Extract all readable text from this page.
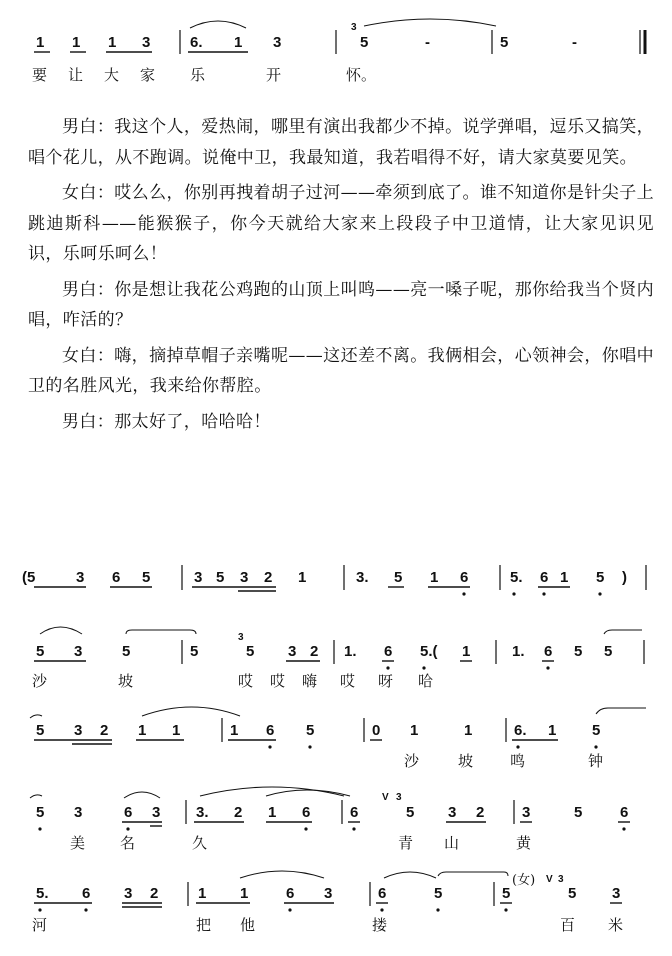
1 1 1 3	6. 1 3	5	-	5	-
3
要 让 大 家 乐	开	怀。
(5	3 6 5	3 5 3 2 1	3. 5 1 6	5. 6 1 5 )
5 3	5	5	5 3 2 1. 6 5.( 1	1. 6 5 5
3
沙	坡	哎 哎 嗨 哎 呀 哈
5 3 2 1 1	1 6 5	0 1	1	6. 1 5
沙	坡 鸣	钟
5 3	6 3 3. 2 1 6	6	5 3 2	3	5	6
V 3
美 名	久	青 山	黄
5. 6 3 2	1 1	6 3	6	5	5	5 3
(女) V 3
河	把 他	搂	百 米

男白：我这个人，爱热闹，哪里有演出我都少不掉。说学弹唱，逗乐又搞笑，唱个花儿，从不跑调。说俺中卫，我最知道，我若唱得不好，请大家莫要见笑。

女白：哎么么，你别再拽着胡子过河——牵须到底了。谁不知道你是针尖子上跳迪斯科——能猴猴子，你今天就给大家来上段段子中卫道情，让大家见识见识，乐呵乐呵么！

男白：你是想让我花公鸡跑的山顶上叫鸣——亮一嗓子呢，那你给我当个贤内唱，咋活的？

女白：嗨，摘掉草帽子亲嘴呢——这还差不离。我俩相会，心领神会，你唱中卫的名胜风光，我来给你帮腔。

男白：那太好了，哈哈哈！
